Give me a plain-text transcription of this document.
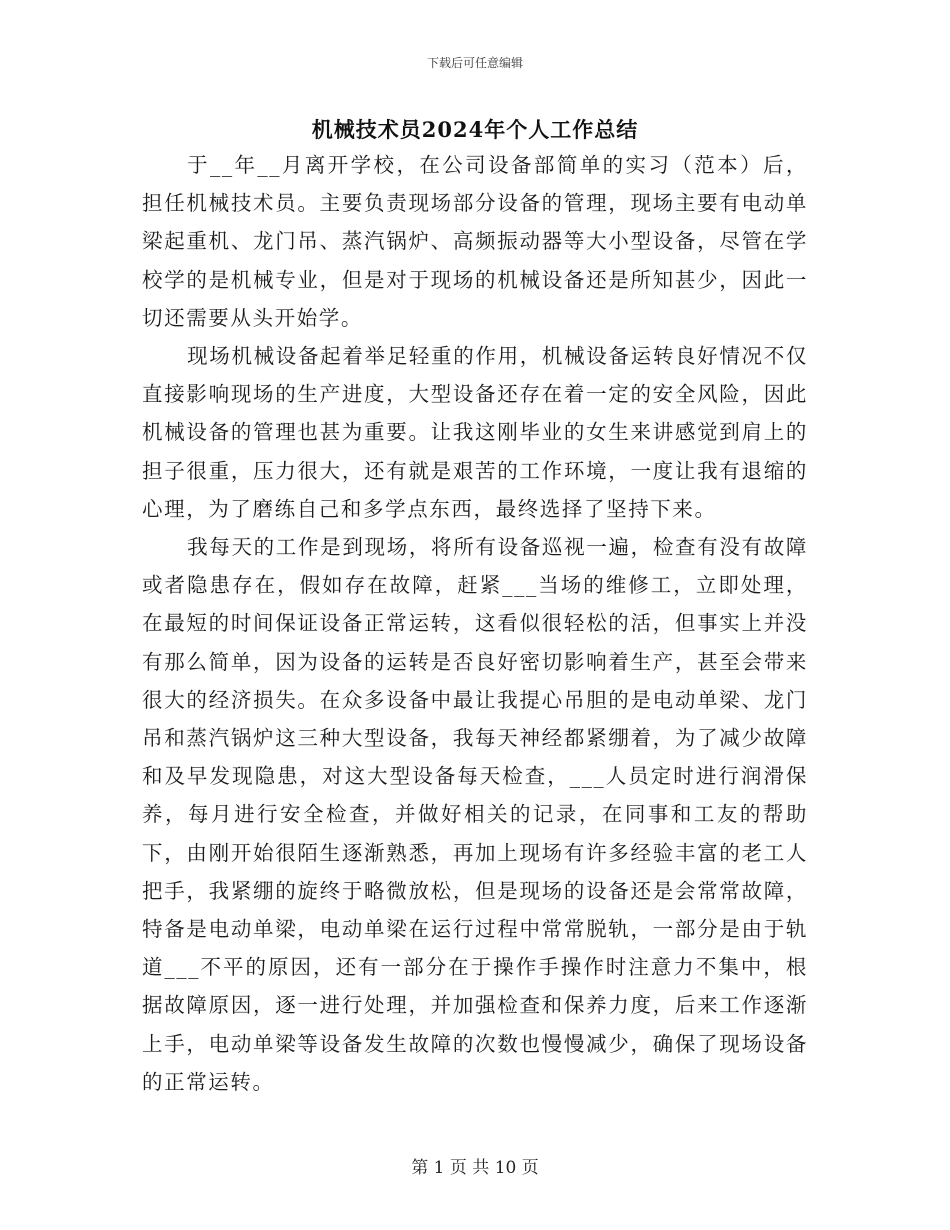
下载后可任意编辑
机械技术员2024年个人工作总结

于__年__月离开学校，在公司设备部简单的实习（范本）后，担任机械技术员。主要负责现场部分设备的管理，现场主要有电动单梁起重机、龙门吊、蒸汽锅炉、高频振动器等大小型设备，尽管在学校学的是机械专业，但是对于现场的机械设备还是所知甚少，因此一切还需要从头开始学。

现场机械设备起着举足轻重的作用，机械设备运转良好情况不仅直接影响现场的生产进度，大型设备还存在着一定的安全风险，因此机械设备的管理也甚为重要。让我这刚毕业的女生来讲感觉到肩上的担子很重，压力很大，还有就是艰苦的工作环境，一度让我有退缩的心理，为了磨练自己和多学点东西，最终选择了坚持下来。

我每天的工作是到现场，将所有设备巡视一遍，检查有没有故障或者隐患存在，假如存在故障，赶紧___当场的维修工，立即处理，在最短的时间保证设备正常运转，这看似很轻松的活，但事实上并没有那么简单，因为设备的运转是否良好密切影响着生产，甚至会带来很大的经济损失。在众多设备中最让我提心吊胆的是电动单梁、龙门吊和蒸汽锅炉这三种大型设备，我每天神经都紧绷着，为了减少故障和及早发现隐患，对这大型设备每天检查，___人员定时进行润滑保养，每月进行安全检查，并做好相关的记录，在同事和工友的帮助下，由刚开始很陌生逐渐熟悉，再加上现场有许多经验丰富的老工人把手，我紧绷的旋终于略微放松，但是现场的设备还是会常常故障，特备是电动单梁，电动单梁在运行过程中常常脱轨，一部分是由于轨道___不平的原因，还有一部分在于操作手操作时注意力不集中，根据故障原因，逐一进行处理，并加强检查和保养力度，后来工作逐渐上手，电动单梁等设备发生故障的次数也慢慢减少，确保了现场设备的正常运转。

第 1 页 共 10 页
